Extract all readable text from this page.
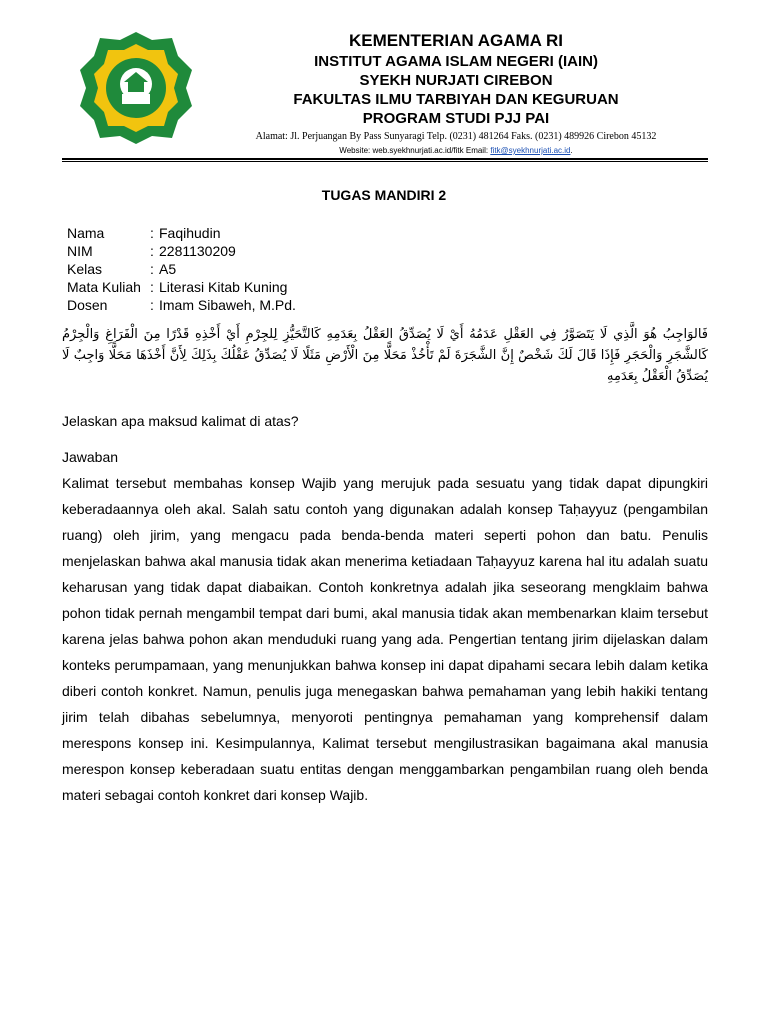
KEMENTERIAN AGAMA RI
INSTITUT AGAMA ISLAM NEGERI (IAIN)
SYEKH NURJATI CIREBON
FAKULTAS ILMU TARBIYAH DAN KEGURUAN
PROGRAM STUDI PJJ PAI
Alamat: Jl. Perjuangan By Pass Sunyaragi Telp. (0231) 481264 Faks. (0231) 489926 Cirebon 45132
Website: web.syekhnurjati.ac.id/fitk Email: fitk@syekhnurjati.ac.id.
TUGAS MANDIRI 2
Nama	: Faqihudin
NIM	: 2281130209
Kelas	: A5
Mata Kuliah : Literasi Kitab Kuning
Dosen	: Imam Sibaweh, M.Pd.
فَالوَاجِبُ هُوَ الَّذِي لَا يَتَصَوَّرُ فِي العَقْلِ عَدَمُهُ أَيْ لَا يُصَدِّقُ العَقْلُ بِعَدَمِهِ كَالتَّحَيُّزِ لِلجِرْمِ أَيْ أَخْذِهِ قَدْرًا مِنَ الْفَرَاغِ وَالْجِرْمُ كَالشَّجَرِ وَالْحَجَرِ فَإِذَا قَالَ لَكَ شَخْصٌ إِنَّ الشَّجَرَةَ لَمْ تَأْخُذْ مَحَلًّا مِنَ الْأَرْضِ مَثَلًا لَا يُصَدِّقُ عَقْلُكَ بِذَلِكَ لِأَنَّ أَخْذَهَا مَحَلًّا وَاجِبٌ لَا يُصَدِّقُ الْعَقْلُ بِعَدَمِهِ
Jelaskan apa maksud kalimat di atas?
Jawaban
Kalimat tersebut membahas konsep Wajib yang merujuk pada sesuatu yang tidak dapat dipungkiri keberadaannya oleh akal. Salah satu contoh yang digunakan adalah konsep Taḥayyuz (pengambilan ruang) oleh jirim, yang mengacu pada benda-benda materi seperti pohon dan batu. Penulis menjelaskan bahwa akal manusia tidak akan menerima ketiadaan Taḥayyuz karena hal itu adalah suatu keharusan yang tidak dapat diabaikan. Contoh konkretnya adalah jika seseorang mengklaim bahwa pohon tidak pernah mengambil tempat dari bumi, akal manusia tidak akan membenarkan klaim tersebut karena jelas bahwa pohon akan menduduki ruang yang ada. Pengertian tentang jirim dijelaskan dalam konteks perumpamaan, yang menunjukkan bahwa konsep ini dapat dipahami secara lebih dalam ketika diberi contoh konkret. Namun, penulis juga menegaskan bahwa pemahaman yang lebih hakiki tentang jirim telah dibahas sebelumnya, menyoroti pentingnya pemahaman yang komprehensif dalam merespons konsep ini. Kesimpulannya, Kalimat tersebut mengilustrasikan bagaimana akal manusia merespon konsep keberadaan suatu entitas dengan menggambarkan pengambilan ruang oleh benda materi sebagai contoh konkret dari konsep Wajib.
